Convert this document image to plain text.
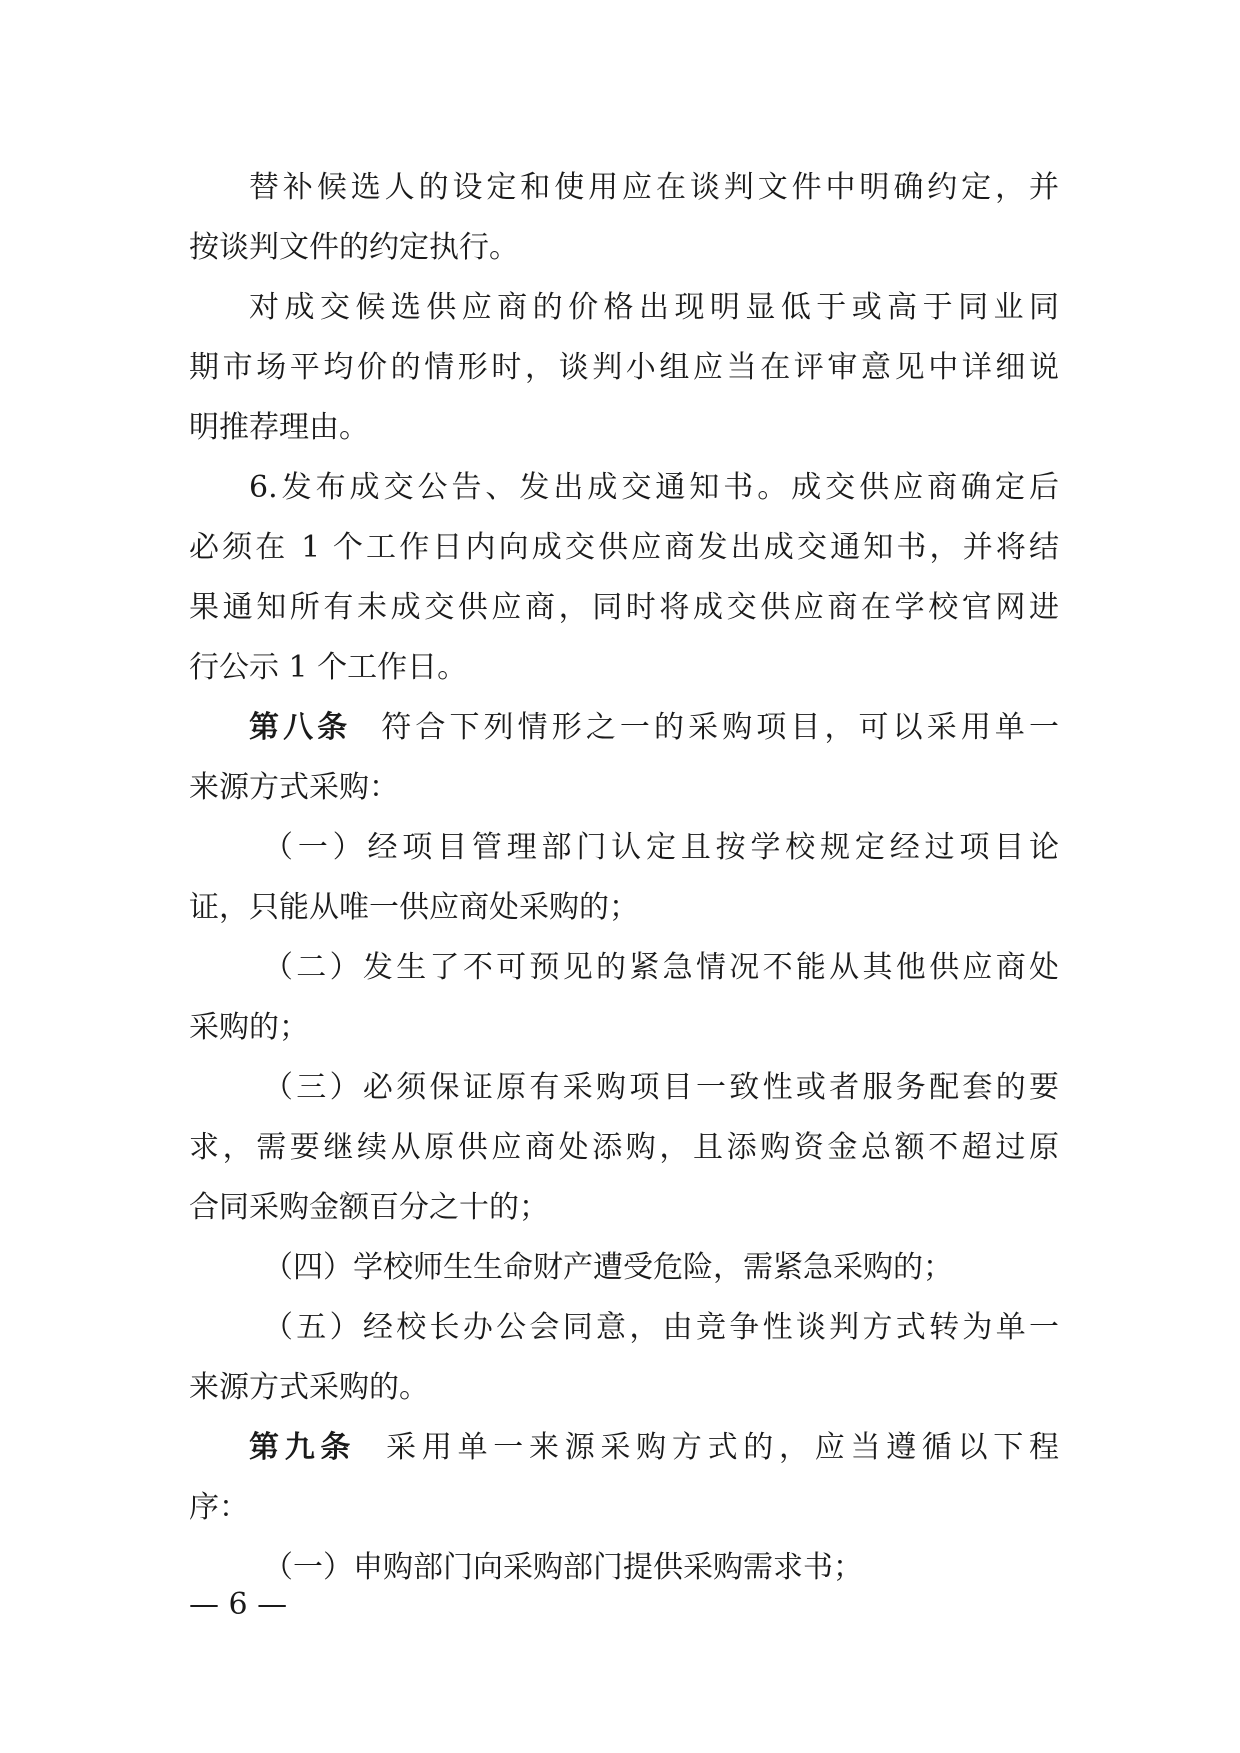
替补候选人的设定和使用应在谈判文件中明确约定，并
按谈判文件的约定执行。
对成交候选供应商的价格出现明显低于或高于同业同
期市场平均价的情形时，谈判小组应当在评审意见中详细说
明推荐理由。
6.发布成交公告、发出成交通知书。成交供应商确定后
必须在 1 个工作日内向成交供应商发出成交通知书，并将结
果通知所有未成交供应商，同时将成交供应商在学校官网进
行公示 1 个工作日。
第八条 符合下列情形之一的采购项目，可以采用单一
来源方式采购：
（一）经项目管理部门认定且按学校规定经过项目论
证，只能从唯一供应商处采购的；
（二）发生了不可预见的紧急情况不能从其他供应商处
采购的；
（三）必须保证原有采购项目一致性或者服务配套的要
求，需要继续从原供应商处添购，且添购资金总额不超过原
合同采购金额百分之十的；
（四）学校师生生命财产遭受危险，需紧急采购的；
（五）经校长办公会同意，由竞争性谈判方式转为单一
来源方式采购的。
第九条 采用单一来源采购方式的，应当遵循以下程
序：
（一）申购部门向采购部门提供采购需求书；
— 6 —
